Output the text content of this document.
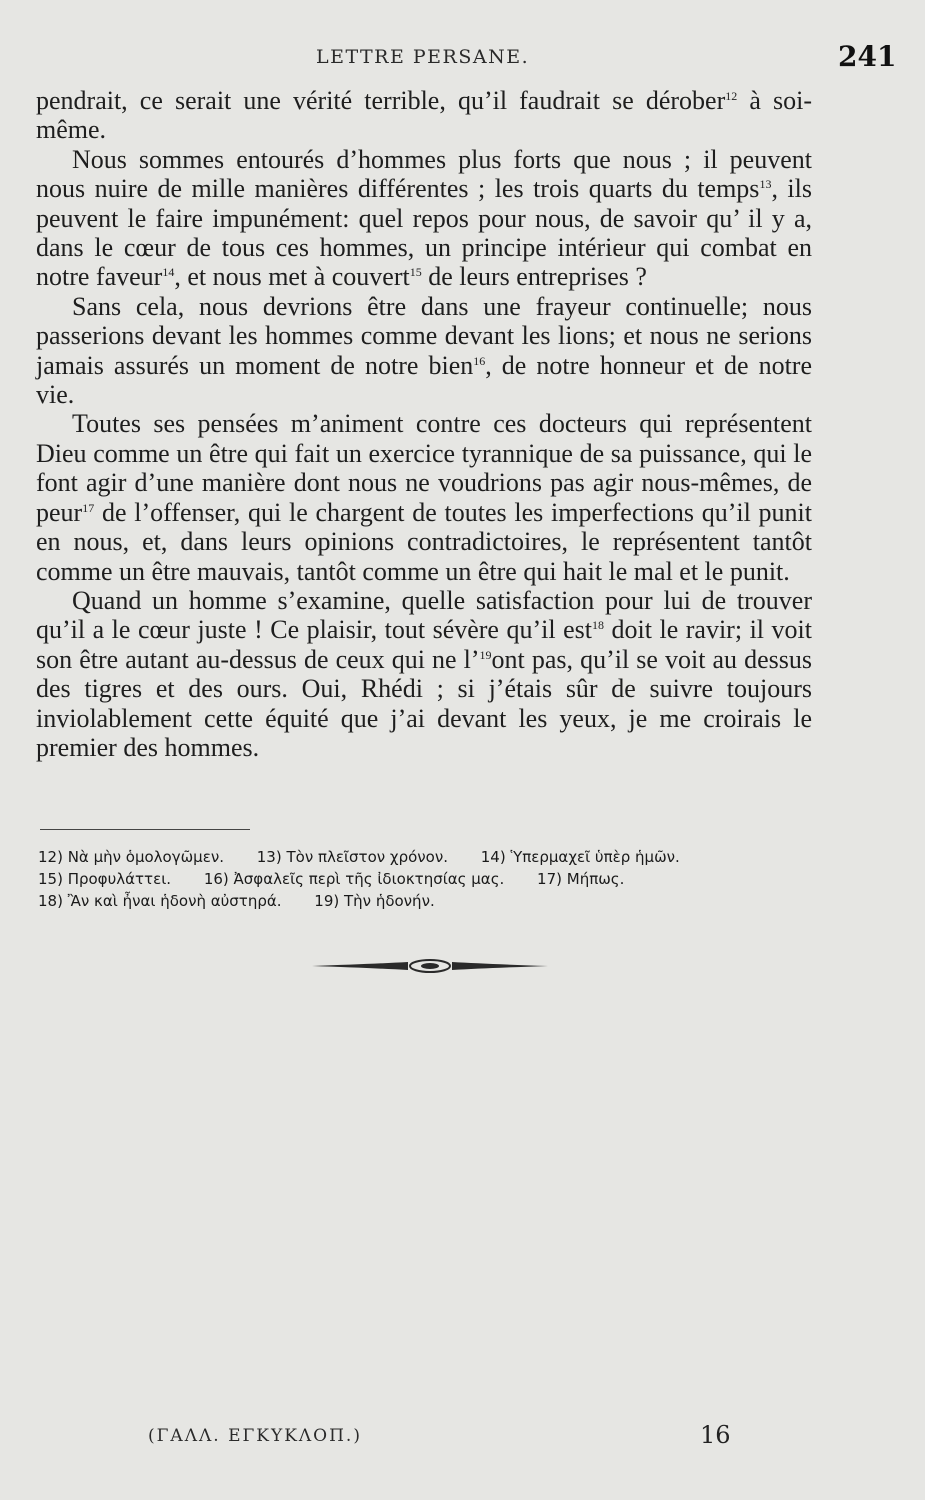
LETTRE PERSANE.	241

pendrait, ce serait une vérité terrible, qu’il faudrait se dérober$^{12}$ à soi-même.

Nous sommes entourés d’hommes plus forts que nous ; il peuvent nous nuire de mille manières différentes ; les trois quarts du temps$^{13}$, ils peuvent le faire impunément: quel repos pour nous, de savoir qu’ il y a, dans le cœur de tous ces hommes, un principe intérieur qui combat en notre faveur$^{14}$, et nous met à couvert$^{15}$ de leurs entreprises ?

Sans cela, nous devrions être dans une frayeur continuelle; nous passerions devant les hommes comme devant les lions; et nous ne serions jamais assurés un moment de notre bien$^{16}$, de notre honneur et de notre vie.

Toutes ses pensées m’animent contre ces docteurs qui représentent Dieu comme un être qui fait un exercice tyrannique de sa puissance, qui le font agir d’une manière dont nous ne voudrions pas agir nous-mêmes, de peur$^{17}$ de l’offenser, qui le chargent de toutes les imperfections qu’il punit en nous, et, dans leurs opinions contradictoires, le représentent tantôt comme un être mauvais, tantôt comme un être qui hait le mal et le punit.

Quand un homme s’examine, quelle satisfaction pour lui de trouver qu’il a le cœur juste ! Ce plaisir, tout sévère qu’il est$^{18}$ doit le ravir; il voit son être autant au-dessus de ceux qui ne l’$^{19}$ont pas, qu’il se voit au dessus des tigres et des ours. Oui, Rhédi ; si j’étais sûr de suivre toujours inviolablement cette équité que j’ai devant les yeux, je me croirais le premier des hommes.

12) Νὰ μὴν ὁμολογῶμεν. 13) Τὸν πλεῖστον χρόνον. 14) Ὑπερμαχεῖ ὑπὲρ ἡμῶν.
15) Προφυλάττει. 16) Ἀσφαλεῖς περὶ τῆς ἰδιοκτησίας μας. 17) Μήπως.
18) Ἂν καὶ ἦναι ἡδονὴ αὐστηρά. 19) Τὴν ἡδονήν.
(ΓΑΛΛ. ΕΓΚΥΚΛΟΠ.)	16
